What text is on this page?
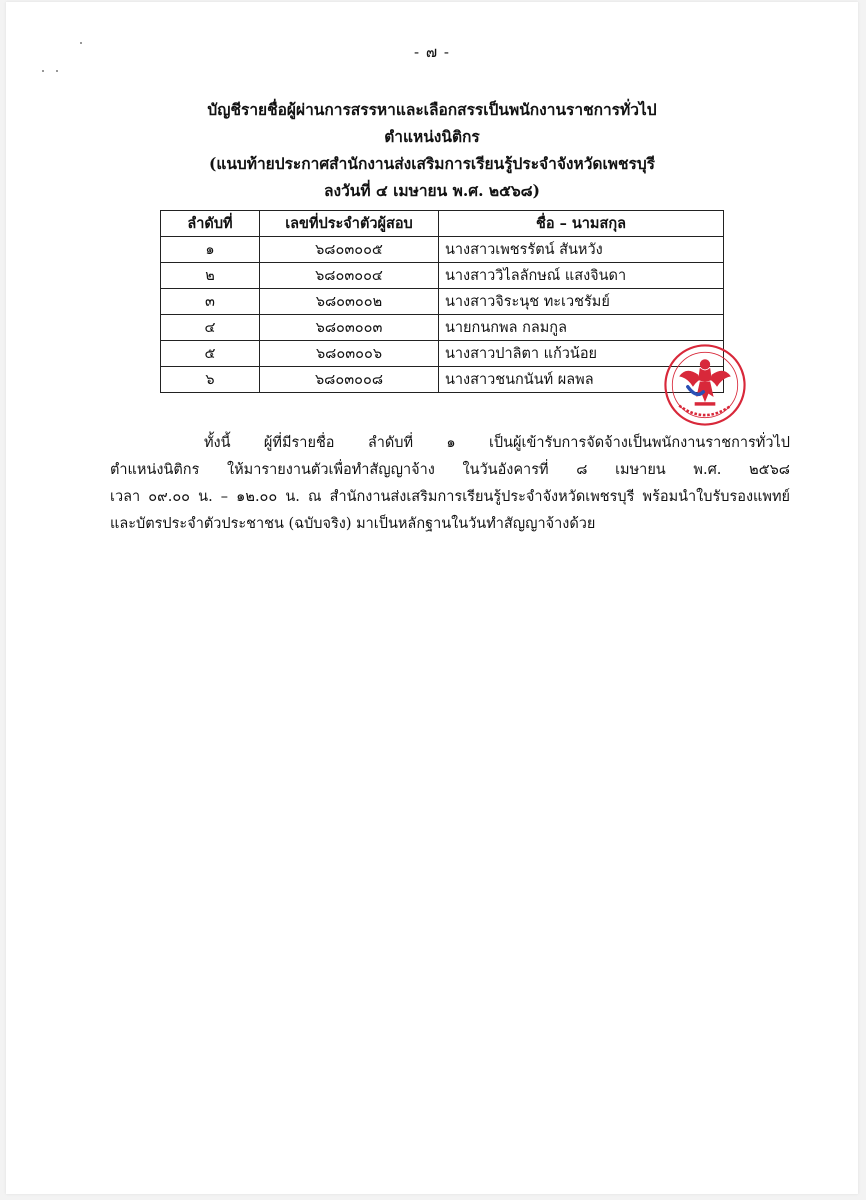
- ๗ -
บัญชีรายชื่อผู้ผ่านการสรรหาและเลือกสรรเป็นพนักงานราชการทั่วไป
ตำแหน่งนิติกร
(แนบท้ายประกาศสำนักงานส่งเสริมการเรียนรู้ประจำจังหวัดเพชรบุรี
ลงวันที่ ๔ เมษายน พ.ศ. ๒๕๖๘)
ลำดับที่	เลขที่ประจำตัวผู้สอบ	ชื่อ – นามสกุล
๑	๖๘๐๓๐๐๕	นางสาวเพชรรัตน์ สันหวัง
๒	๖๘๐๓๐๐๔	นางสาววิไลลักษณ์ แสงจินดา
๓	๖๘๐๓๐๐๒	นางสาวจิระนุช ทะเวชรัมย์
๔	๖๘๐๓๐๐๓	นายกนกพล กลมกูล
๕	๖๘๐๓๐๐๖	นางสาวปาลิตา แก้วน้อย
๖	๖๘๐๓๐๐๘	นางสาวชนกนันท์ ผลพล
ทั้งนี้ ผู้ที่มีรายชื่อ ลำดับที่ ๑ เป็นผู้เข้ารับการจัดจ้างเป็นพนักงานราชการทั่วไป
ตำแหน่งนิติกร ให้มารายงานตัวเพื่อทำสัญญาจ้าง ในวันอังคารที่ ๘ เมษายน พ.ศ. ๒๕๖๘
เวลา ๐๙.๐๐ น. – ๑๒.๐๐ น. ณ สำนักงานส่งเสริมการเรียนรู้ประจำจังหวัดเพชรบุรี พร้อมนำใบรับรองแพทย์
และบัตรประจำตัวประชาชน (ฉบับจริง) มาเป็นหลักฐานในวันทำสัญญาจ้างด้วย
